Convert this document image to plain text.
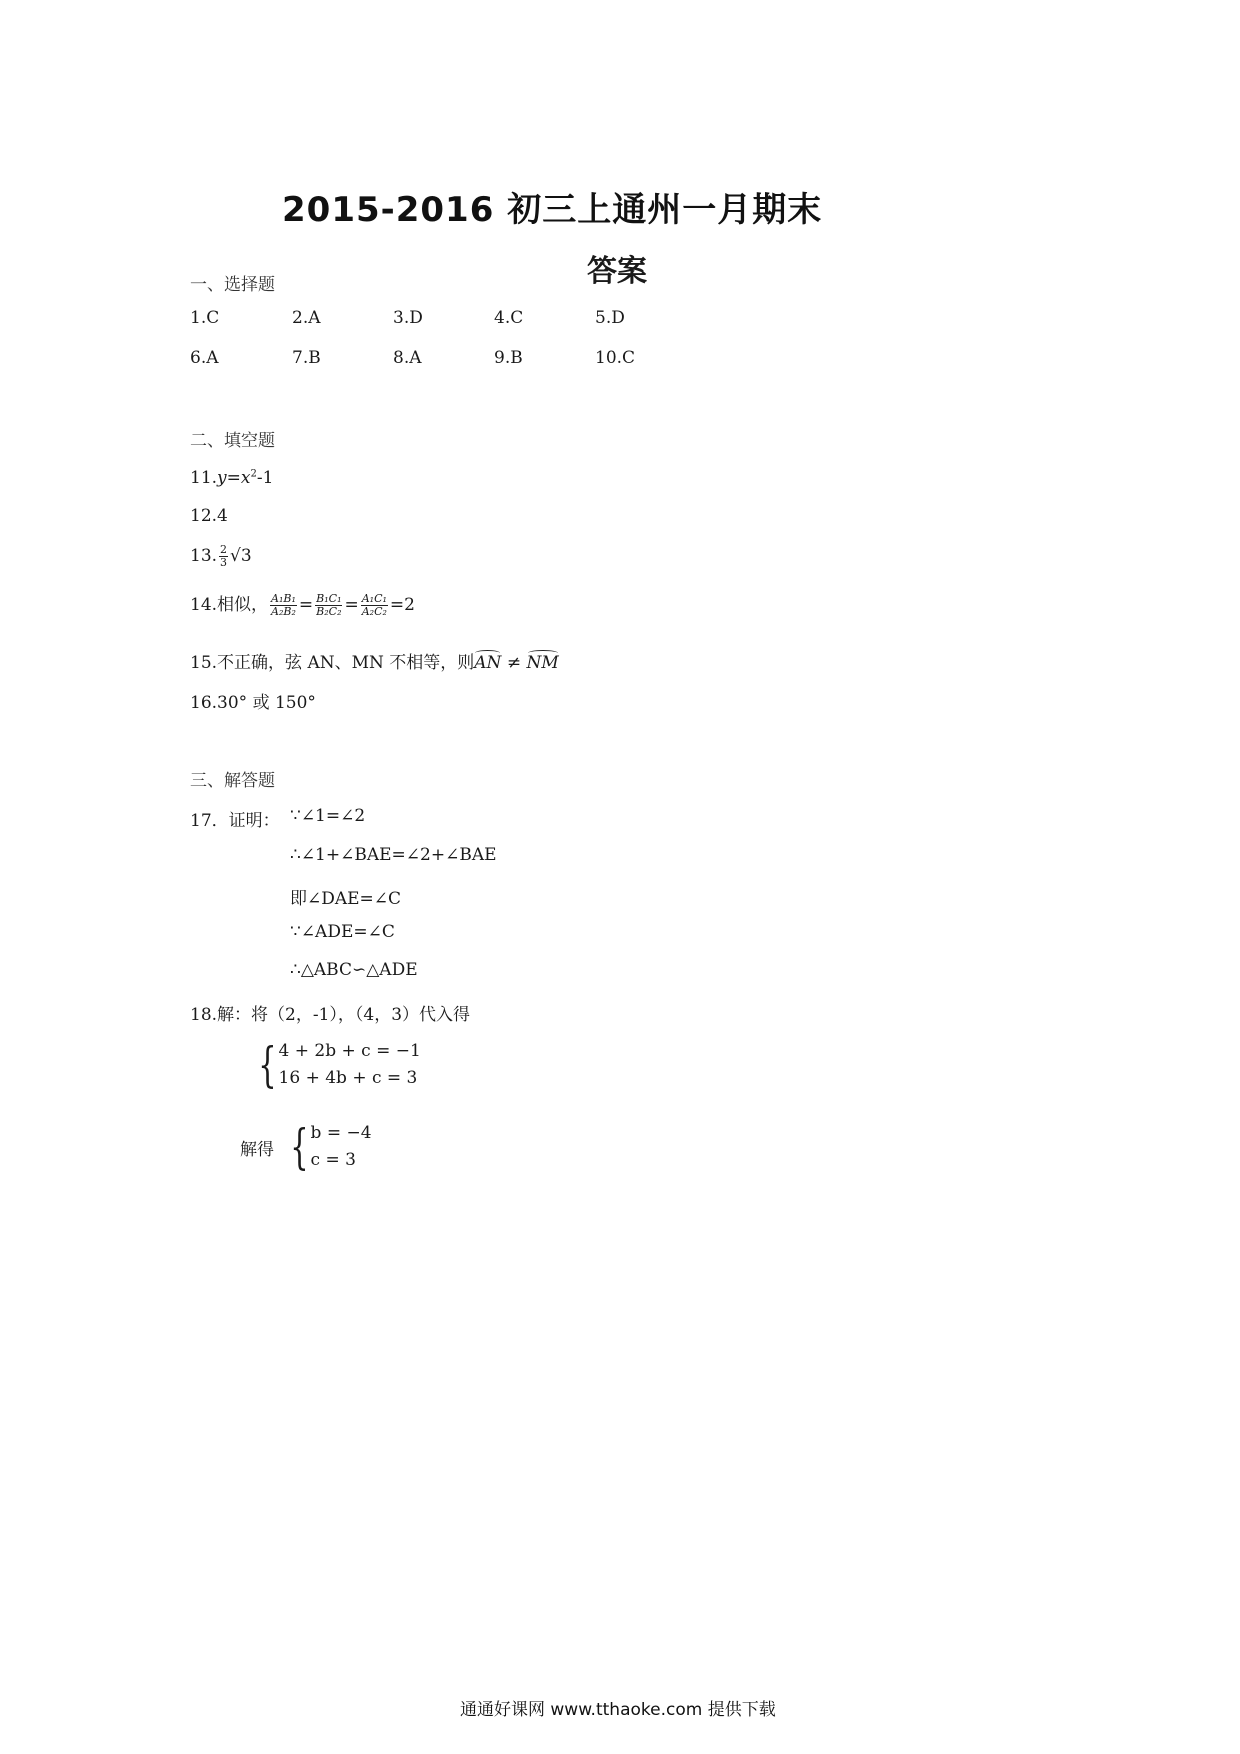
2015-2016 初三上通州一月期末
答案
一、选择题
1.C	2.A	3.D	4.C	5.D
6.A	7.B	8.A	9.B	10.C
二、填空题
$11.y=x^2-1$
12.4
13. $\frac{2}{3} √3$
14.相似， $\frac{\text{A₁B₁}}{\text{A₂B₂}} = \frac{\text{B₁C₁}}{\text{B₂C₂}} = \frac{\text{A₁C₁}}{\text{A₂C₂}} =2$
15.不正确，弦 AN、MN 不相等，则AN ≠ NM
16.30° 或 150°
三、解答题
17．证明： ∵∠1=∠2
∴∠1+∠BAE=∠2+∠BAE
即∠DAE=∠C
∵∠ADE=∠C
∴△ABC∽△ADE
18.解：将（2，-1），（4，3）代入得
{ 4 + 2b + c = −1
16 + 4b + c = 3
解得 { b = −4
c = 3
通通好课网 www.tthaoke.com 提供下载
